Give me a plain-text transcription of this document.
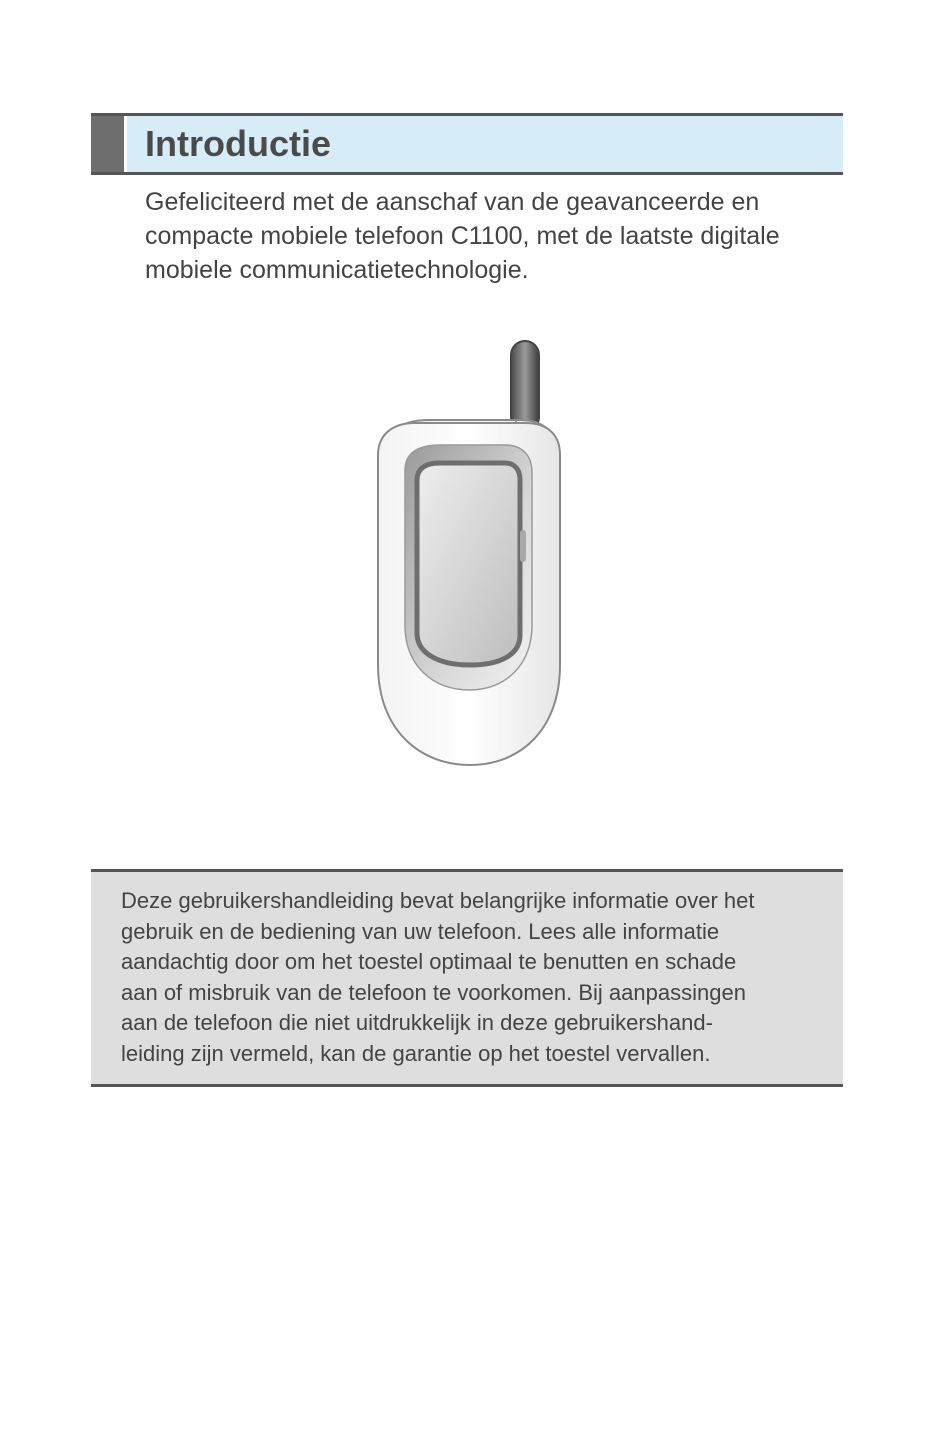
Introductie

Gefeliciteerd met de aanschaf van de geavanceerde en compacte mobiele telefoon C1100, met de laatste digitale mobiele communicatietechnologie.

Deze gebruikershandleiding bevat belangrijke informatie over het
gebruik en de bediening van uw telefoon. Lees alle informatie
aandachtig door om het toestel optimaal te benutten en schade
aan of misbruik van de telefoon te voorkomen. Bij aanpassingen
aan de telefoon die niet uitdrukkelijk in deze gebruikershand-
leiding zijn vermeld, kan de garantie op het toestel vervallen.
